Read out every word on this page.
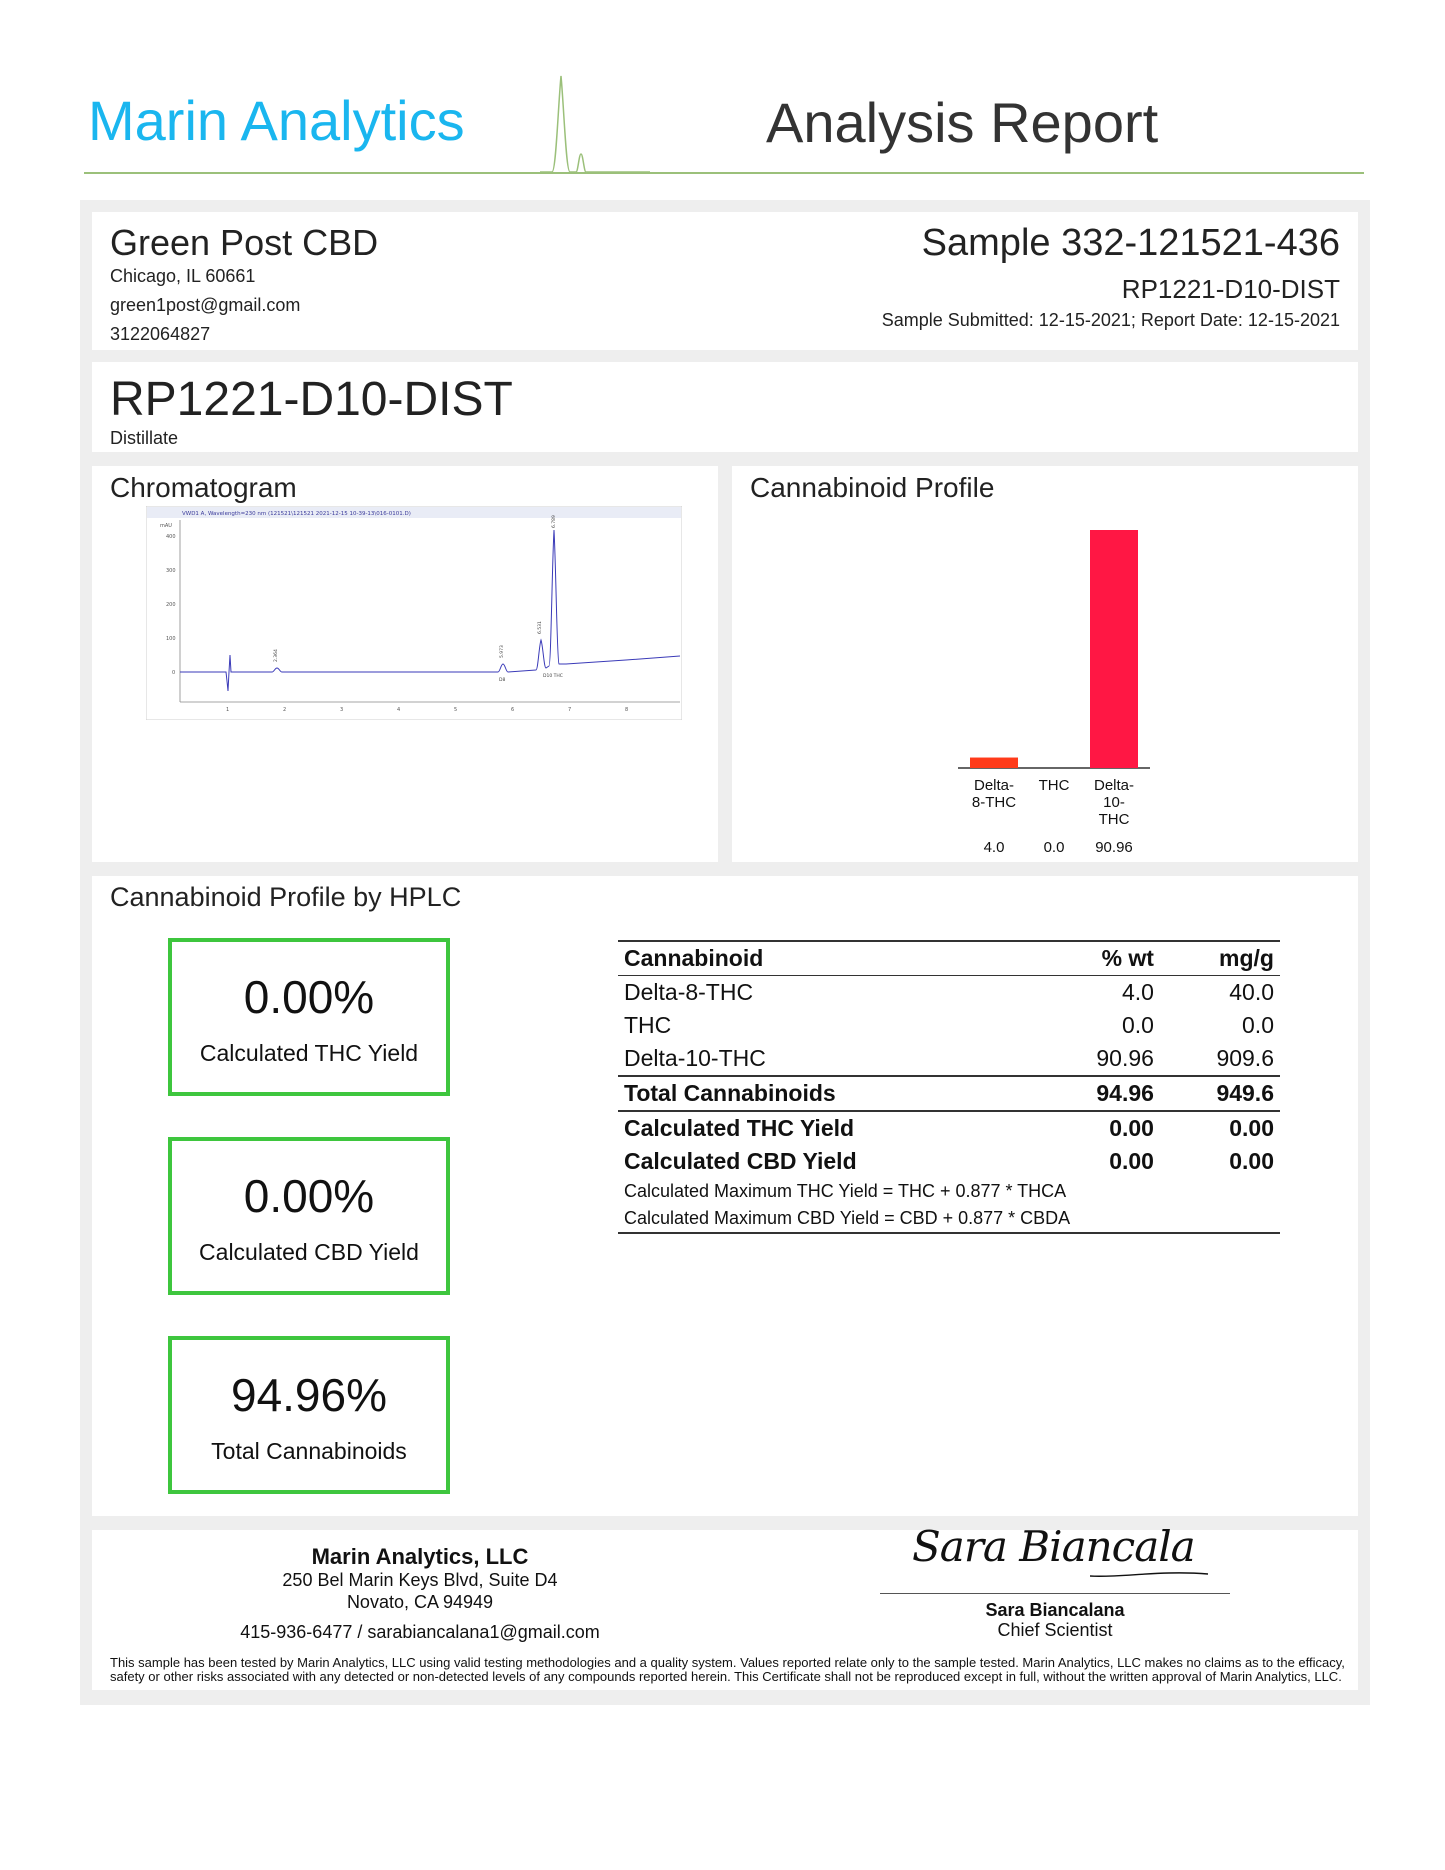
Marin Analytics	Analysis Report
Green Post CBD
Chicago, IL 60661
green1post@gmail.com
3122064827
Sample 332-121521-436
RP1221-D10-DIST
Sample Submitted: 12-15-2021; Report Date: 12-15-2021
RP1221-D10-DIST
Distillate
Chromatogram
VWD1 A, Wavelength=230 nm (121521\121521 2021-12-15 10-39-13\016-0101.D)
mAU
400
300
200
100
0
1	2	3	4	5	6	7	8
2.364	5.973
6.531
6.789
D8
D10 THC
Cannabinoid Profile
Delta-
8-THC
4.0
THC
0.0
Delta-
10-
THC
90.96
Cannabinoid Profile by HPLC
0.00%
Calculated THC Yield
0.00%
Calculated CBD Yield
94.96%
Total Cannabinoids
Cannabinoid	% wt	mg/g
Delta-8-THC	4.0	40.0
THC	0.0	0.0
Delta-10-THC	90.96	909.6
Total Cannabinoids	94.96	949.6
Calculated THC Yield	0.00	0.00
Calculated CBD Yield	0.00	0.00
Calculated Maximum THC Yield = THC + 0.877 * THCA		
Calculated Maximum CBD Yield = CBD + 0.877 * CBDA		
Marin Analytics, LLC
250 Bel Marin Keys Blvd, Suite D4
Novato, CA 94949
415-936-6477 / sarabiancalana1@gmail.com
Sara Biancala
Sara Biancalana
Chief Scientist
This sample has been tested by Marin Analytics, LLC using valid testing methodologies and a quality system. Values reported relate only to the sample tested. Marin Analytics, LLC makes no claims as to the efficacy, safety or other risks associated with any detected or non-detected levels of any compounds reported herein. This Certificate shall not be reproduced except in full, without the written approval of Marin Analytics, LLC.
